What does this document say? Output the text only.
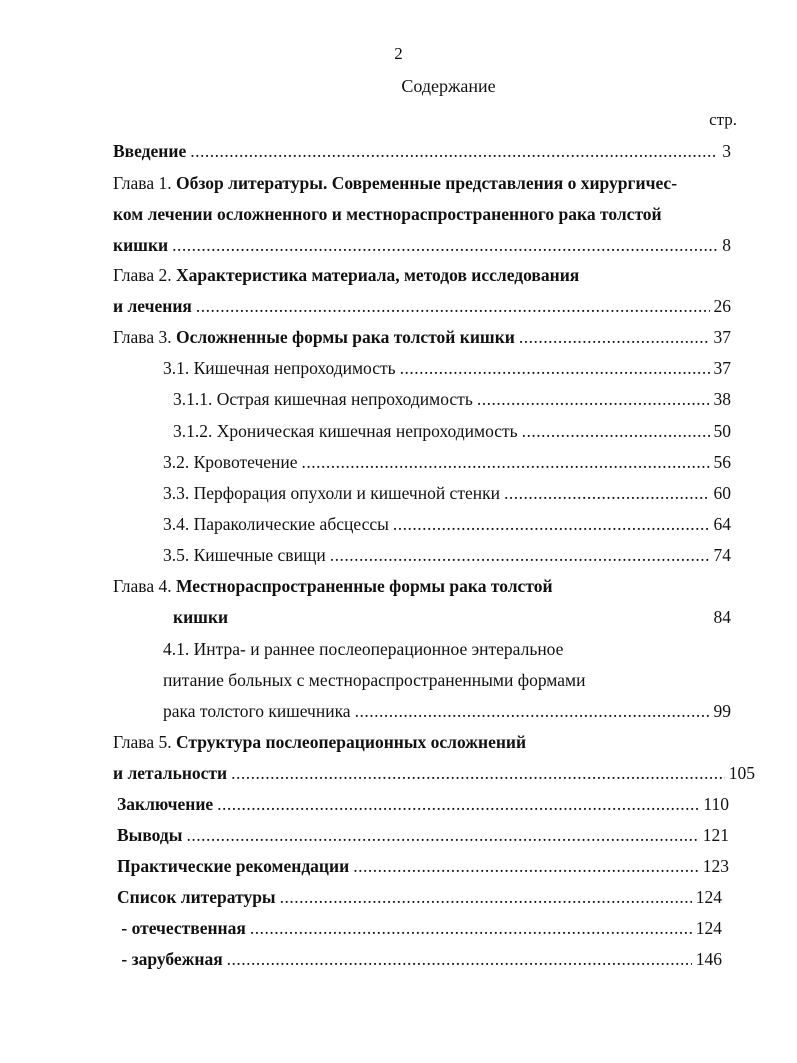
2
Содержание
стр.
Введение .....	3
Глава 1. Обзор литературы. Современные представления о хирургичес-
ком лечении осложненного и местнораспространенного рака толстой
кишки .....	8
Глава 2. Характеристика материала, методов исследования
и лечения .....	26
Глава 3. Осложненные формы рака толстой кишки .....	37
3.1. Кишечная непроходимость .....	37
3.1.1. Острая кишечная непроходимость .....	38
3.1.2. Хроническая кишечная непроходимость .....	50
3.2. Кровотечение .....	56
3.3. Перфорация опухоли и кишечной стенки .....	60
3.4. Параколические абсцессы .....	64
3.5. Кишечные свищи .....	74
Глава 4. Местнораспространенные формы рака толстой
кишки	84
4.1. Интра- и раннее послеоперационное энтеральное
питание больных с местнораспространенными формами
рака толстого кишечника .....	99
Глава 5. Структура послеоперационных осложнений
и летальности .....	105
Заключение .....	110
Выводы .....	121
Практические рекомендации .....	123
Список литературы .....	124
- отечественная .....	124
- зарубежная .....	146
